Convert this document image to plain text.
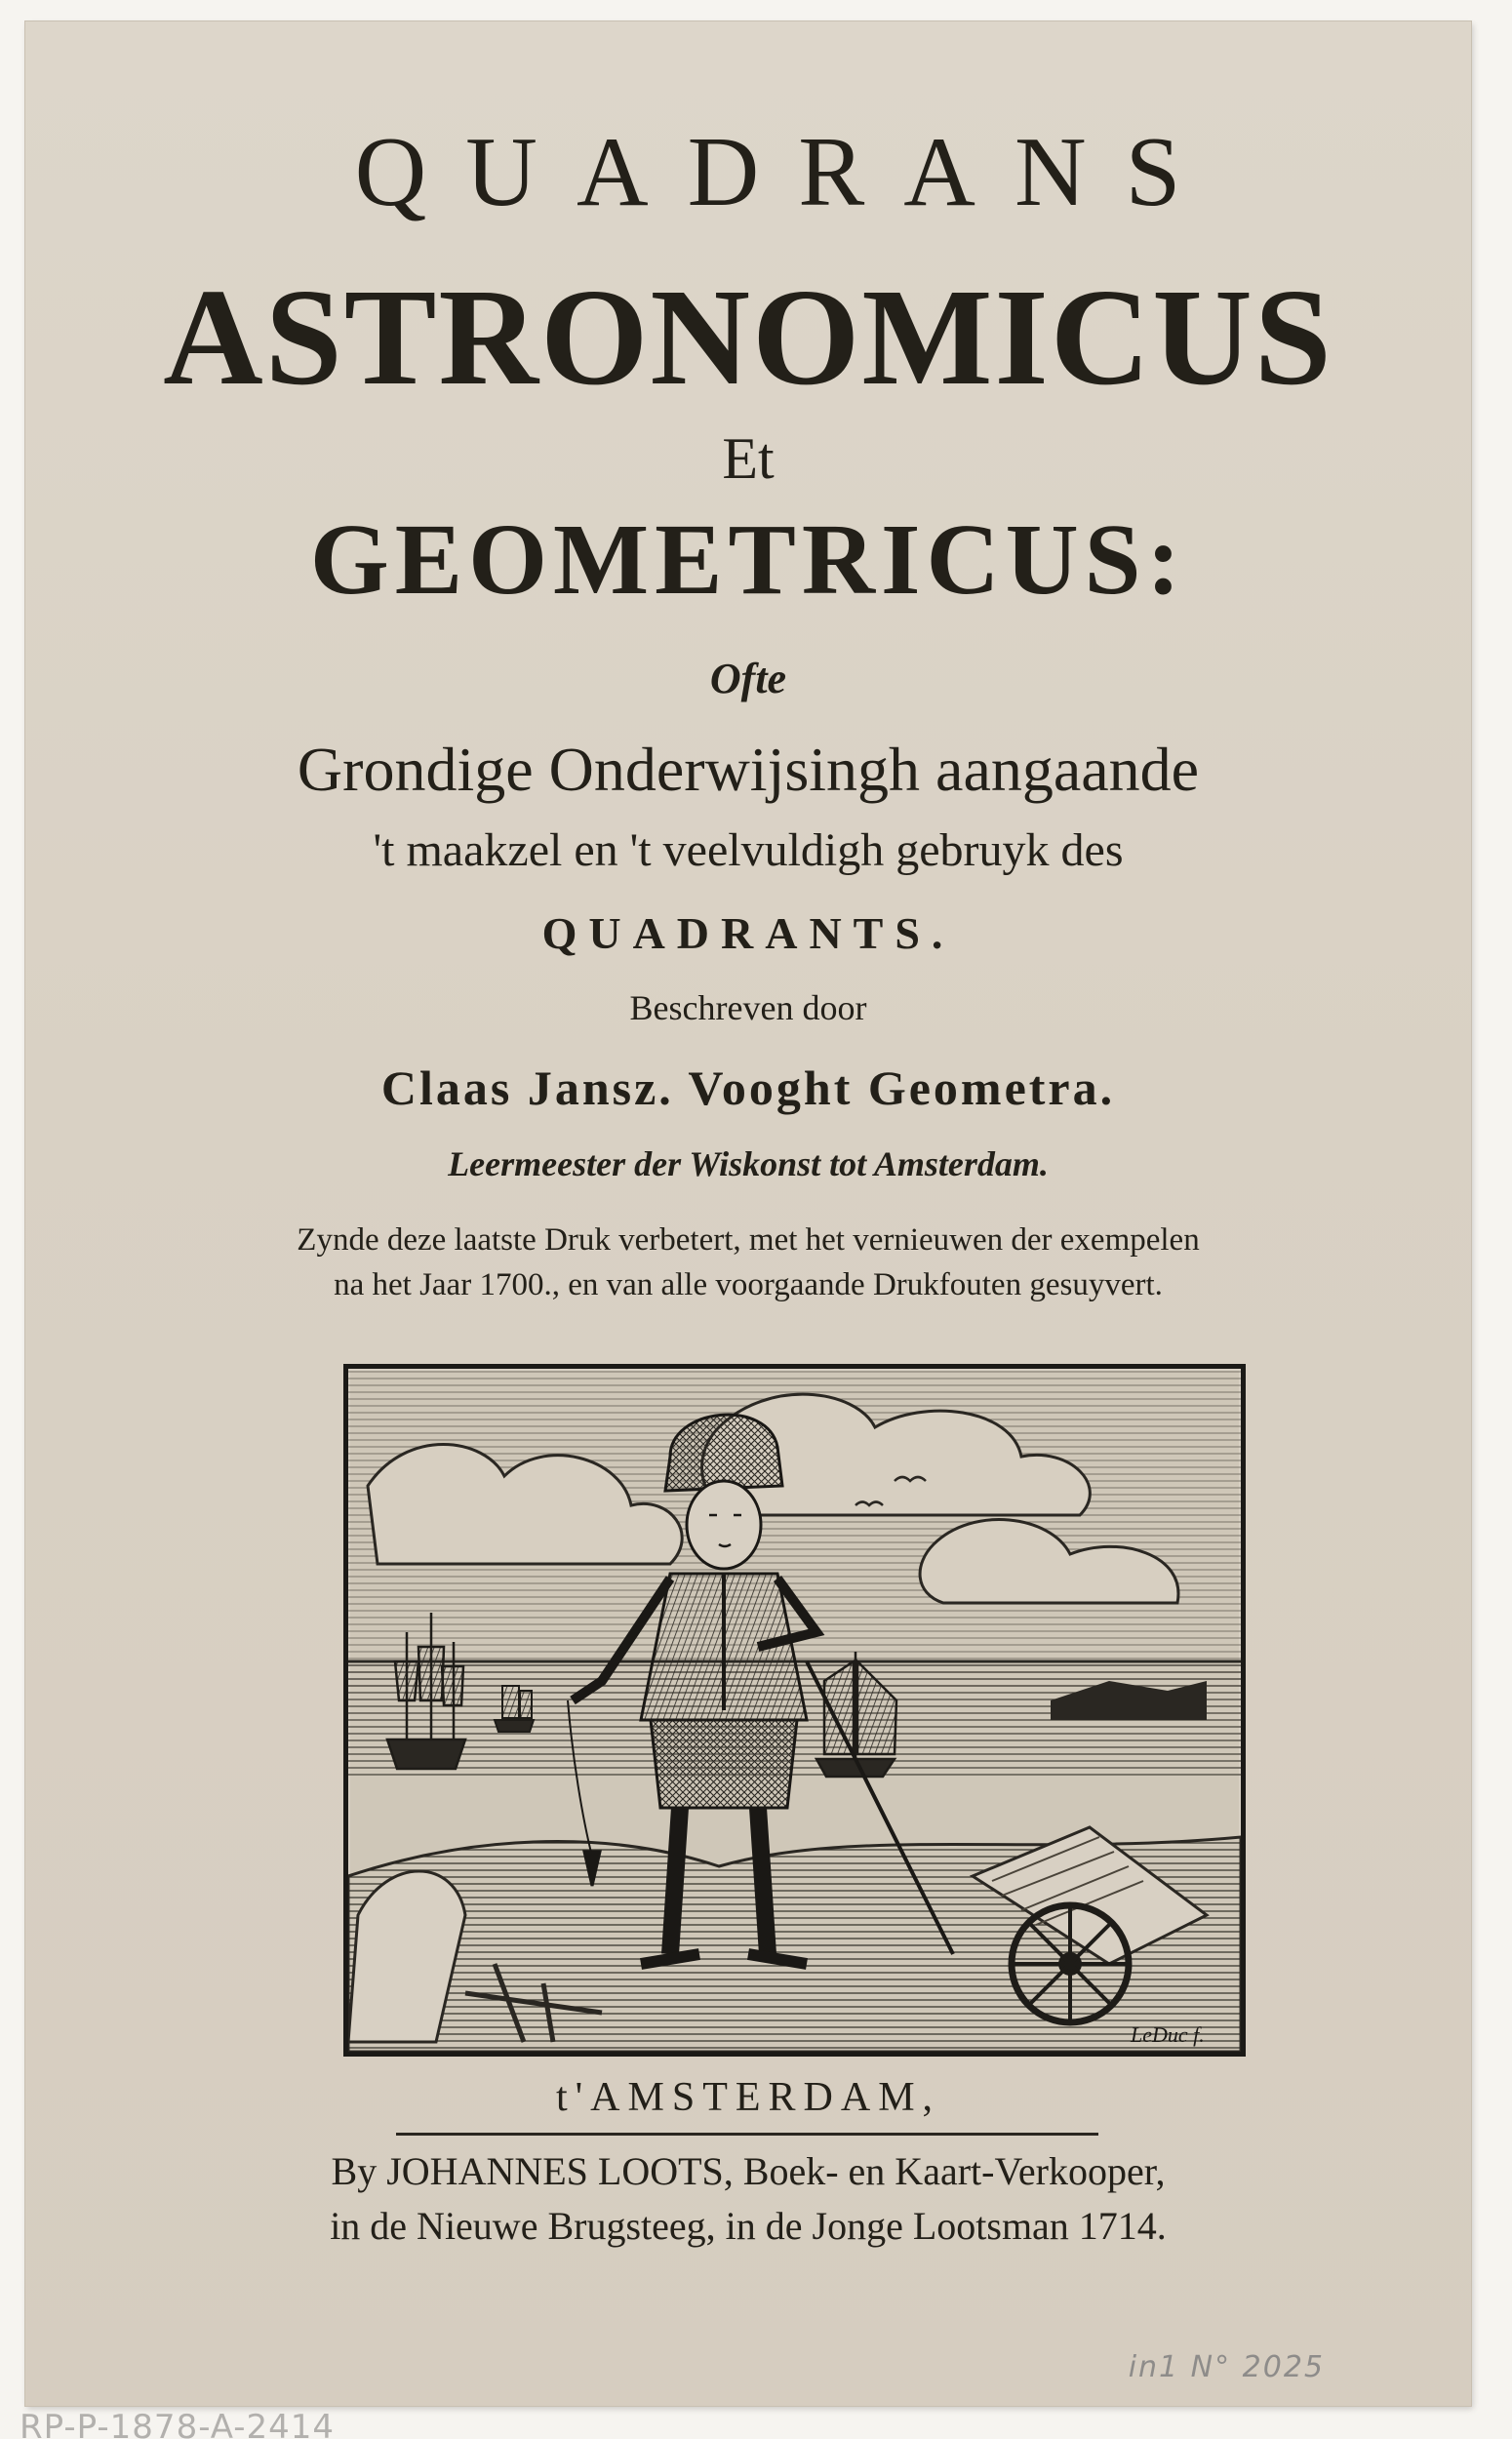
QUADRANS
ASTRONOMICUS
Et
GEOMETRICUS:
Ofte
Grondige Onderwijsingh aangaande
't maakzel en 't veelvuldigh gebruyk des
QUADRANTS.
Beschreven door
Claas Jansz. Vooght Geometra.
Leermeester der Wiskonst tot Amsterdam.
Zynde deze laatste Druk verbetert, met het vernieuwen der exempelen
na het Jaar 1700., en van alle voorgaande Drukfouten gesuyvert.
LeDuc f.
t'AMSTERDAM,
By JOHANNES LOOTS, Boek- en Kaart-Verkooper,
in de Nieuwe Brugsteeg, in de Jonge Lootsman 1714.
in1 N° 2025
RP-P-1878-A-2414
